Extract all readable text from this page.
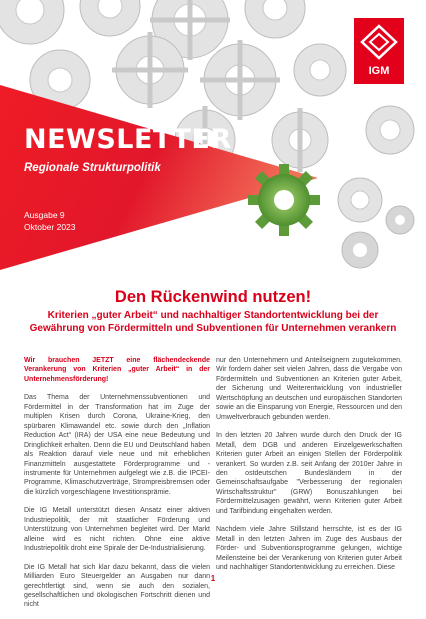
IGM
NEWSLETTER
Regionale Strukturpolitik
Ausgabe 9
Oktober 2023
Den Rückenwind nutzen!
Kriterien „guter Arbeit“ und nachhaltiger Standortentwicklung bei der Gewährung von Fördermitteln und Subventionen für Unternehmen verankern

Wir brauchen JETZT eine flächendeckende Verankerung von Kriterien „guter Arbeit“ in der Unternehmensförderung!

Das Thema der Unternehmenssubventionen und Fördermittel in der Transformation hat im Zuge der multiplen Krisen durch Corona, Ukraine-Krieg, den spürbaren Klimawandel etc. sowie durch den „Inflation Reduction Act“ (IRA) der USA eine neue Bedeutung und Dringlichkeit erhalten. Denn die EU und Deutschland haben als Reaktion darauf viele neue und mit erheblichen Finanzmitteln ausgestattete Förderprogramme und -instrumente für Unternehmen aufgelegt wie z.B. die IPCEI-Programme, Klimaschutzverträge, Strompreisbremsen oder die kürzlich vorgeschlagene Investitionsprämie.

Die IG Metall unterstützt diesen Ansatz einer aktiven Industriepolitik, der mit staatlicher Förderung und Unterstützung von Unternehmen begleitet wird. Der Markt alleine wird es nicht richten. Ohne eine aktive Industriepolitik droht eine Spirale der De-Industrialisierung.

Die IG Metall hat sich klar dazu bekannt, dass die vielen Milliarden Euro Steuergelder an Ausgaben nur dann gerechtfertigt sind, wenn sie auch den sozialen, gesellschaftlichen und ökologischen Fortschritt dienen und nicht

nur den Unternehmern und Anteilseignern zugutekommen. Wir fordern daher seit vielen Jahren, dass die Vergabe von Fördermitteln und Subventionen an Kriterien guter Arbeit, der Sicherung und Weiterentwicklung von industrieller Wertschöpfung an deutschen und europäischen Standorten sowie an die Einsparung von Energie, Ressourcen und den Umweltverbrauch gebunden werden.

In den letzten 20 Jahren wurde durch den Druck der IG Metall, dem DGB und anderen Einzelgewerkschaften Kriterien guter Arbeit an einigen Stellen der Förderpolitik verankert. So wurden z.B. seit Anfang der 2010er Jahre in den ostdeutschen Bundesländern in der Gemeinschaftsaufgabe "Verbesserung der regionalen Wirtschaftsstruktur" (GRW) Bonuszahlungen bei Fördermittelzusagen gewährt, wenn Kriterien guter Arbeit und Tarifbindung eingehalten werden.

Nachdem viele Jahre Stillstand herrschte, ist es der IG Metall in den letzten Jahren im Zuge des Ausbaus der Förder- und Subventionsprogramme gelungen, wichtige Meilensteine bei der Verankerung von Kriterien guter Arbeit und nachhaltiger Standortentwicklung zu erreichen. Diese

1
